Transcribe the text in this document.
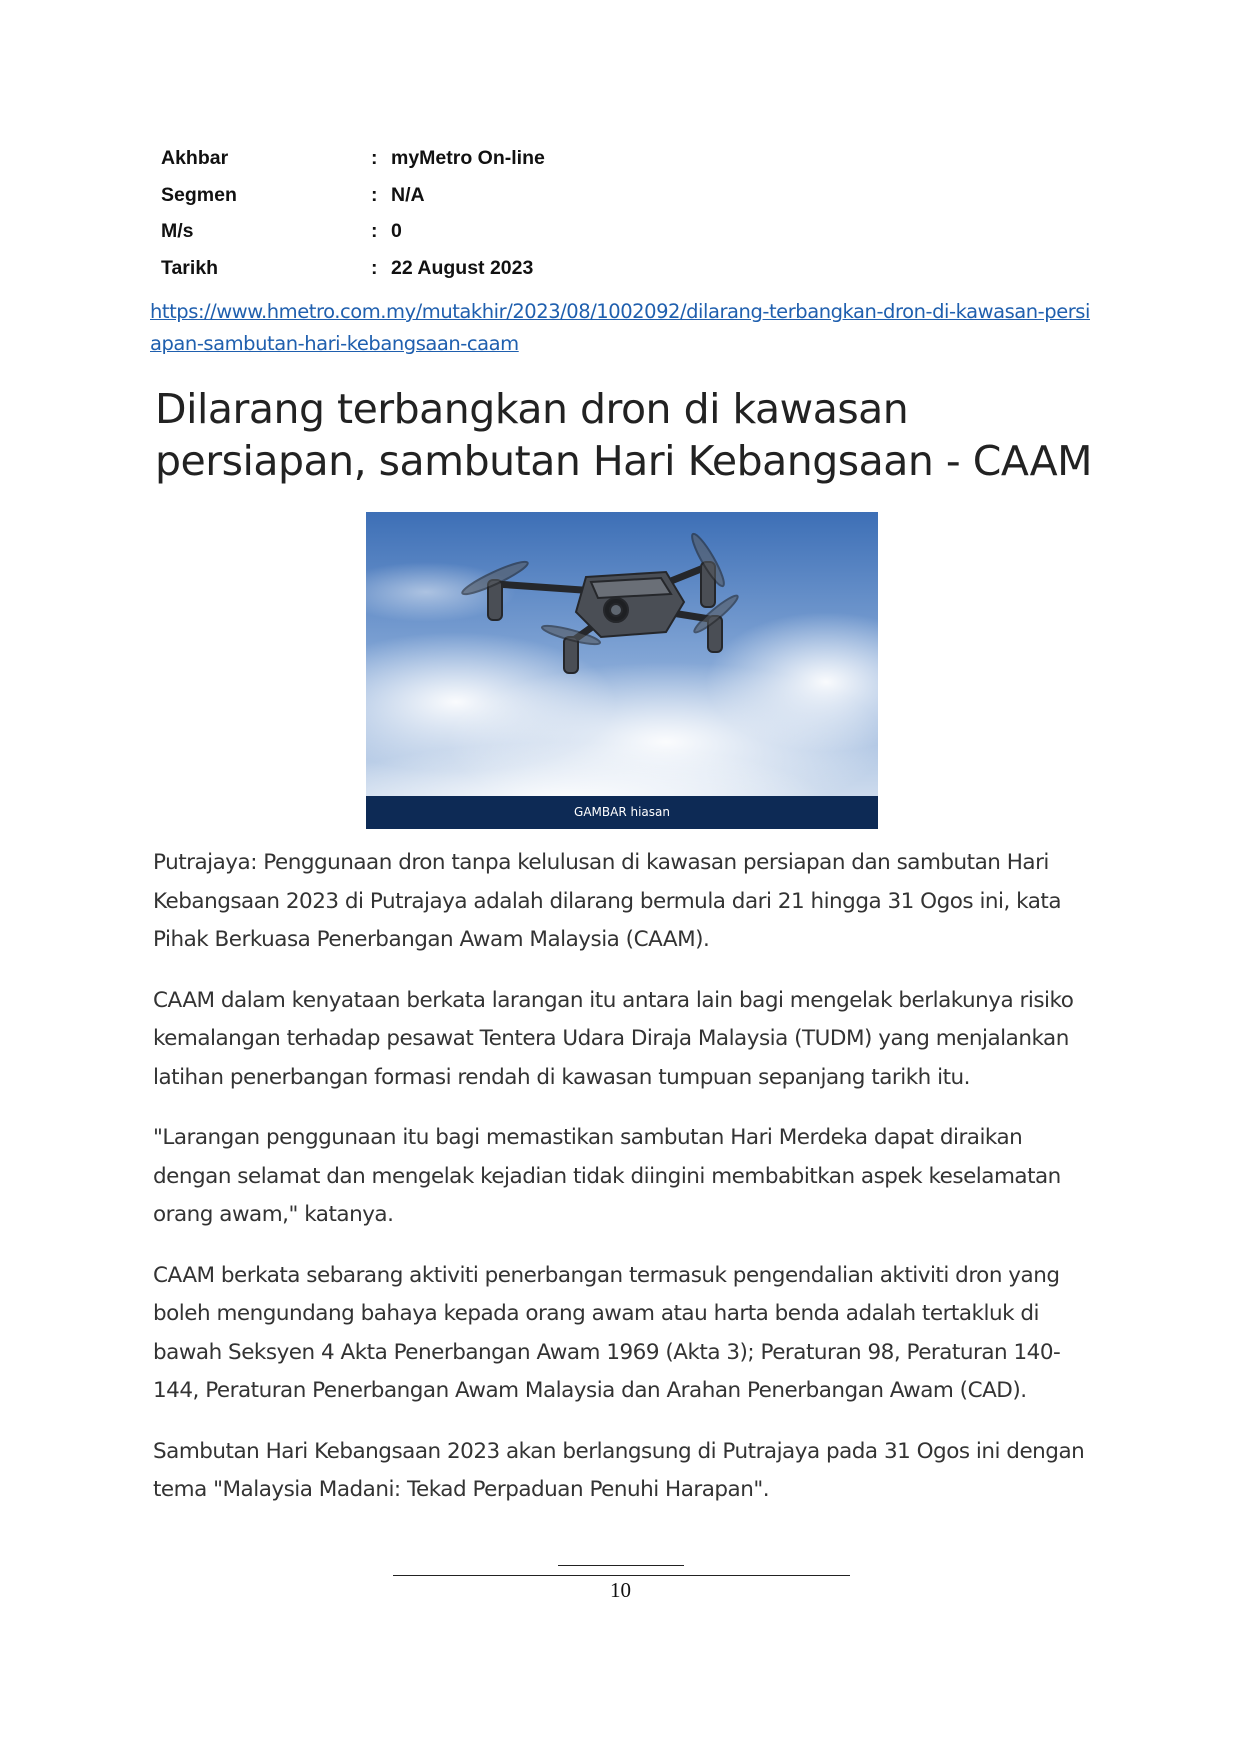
Akhbar	: myMetro On-line
Segmen	: N/A
M/s	: 0
Tarikh	: 22 August 2023
https://www.hmetro.com.my/mutakhir/2023/08/1002092/dilarang-terbangkan-dron-di-kawasan-persiapan-sambutan-hari-kebangsaan-caam
Dilarang terbangkan dron di kawasan persiapan, sambutan Hari Kebangsaan - CAAM
GAMBAR hiasan

Putrajaya: Penggunaan dron tanpa kelulusan di kawasan persiapan dan sambutan Hari Kebangsaan 2023 di Putrajaya adalah dilarang bermula dari 21 hingga 31 Ogos ini, kata Pihak Berkuasa Penerbangan Awam Malaysia (CAAM).

CAAM dalam kenyataan berkata larangan itu antara lain bagi mengelak berlakunya risiko kemalangan terhadap pesawat Tentera Udara Diraja Malaysia (TUDM) yang menjalankan latihan penerbangan formasi rendah di kawasan tumpuan sepanjang tarikh itu.

"Larangan penggunaan itu bagi memastikan sambutan Hari Merdeka dapat diraikan dengan selamat dan mengelak kejadian tidak diingini membabitkan aspek keselamatan orang awam," katanya.

CAAM berkata sebarang aktiviti penerbangan termasuk pengendalian aktiviti dron yang boleh mengundang bahaya kepada orang awam atau harta benda adalah tertakluk di bawah Seksyen 4 Akta Penerbangan Awam 1969 (Akta 3); Peraturan 98, Peraturan 140-144, Peraturan Penerbangan Awam Malaysia dan Arahan Penerbangan Awam (CAD).

Sambutan Hari Kebangsaan 2023 akan berlangsung di Putrajaya pada 31 Ogos ini dengan tema "Malaysia Madani: Tekad Perpaduan Penuhi Harapan".

10
